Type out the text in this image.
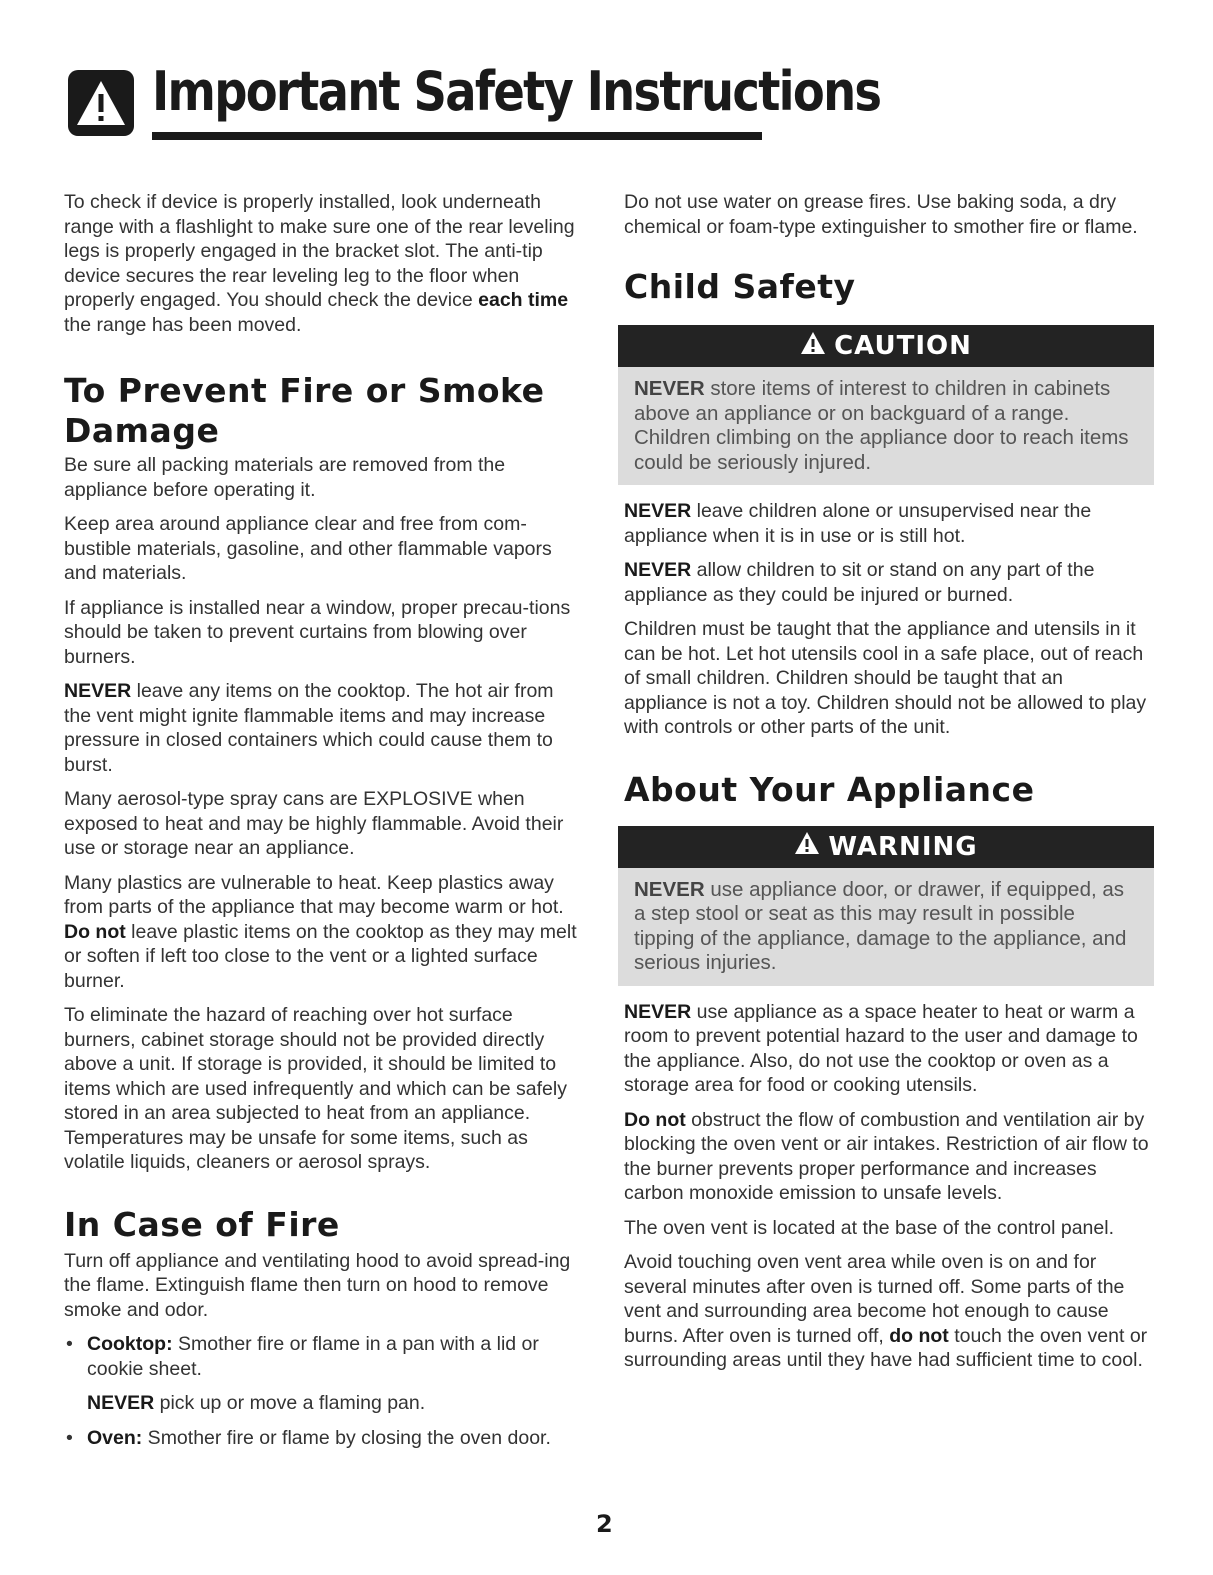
Important Safety Instructions

To check if device is properly installed, look underneath range with a flashlight to make sure one of the rear leveling legs is properly engaged in the bracket slot. The anti-tip device secures the rear leveling leg to the floor when properly engaged. You should check the device each time the range has been moved.

To Prevent Fire or Smoke Damage

Be sure all packing materials are removed from the appliance before operating it.

Keep area around appliance clear and free from com-bustible materials, gasoline, and other flammable vapors and materials.

If appliance is installed near a window, proper precau-tions should be taken to prevent curtains from blowing over burners.

NEVER leave any items on the cooktop. The hot air from the vent might ignite flammable items and may increase pressure in closed containers which could cause them to burst.

Many aerosol-type spray cans are EXPLOSIVE when exposed to heat and may be highly flammable. Avoid their use or storage near an appliance.

Many plastics are vulnerable to heat. Keep plastics away from parts of the appliance that may become warm or hot. Do not leave plastic items on the cooktop as they may melt or soften if left too close to the vent or a lighted surface burner.

To eliminate the hazard of reaching over hot surface burners, cabinet storage should not be provided directly above a unit. If storage is provided, it should be limited to items which are used infrequently and which can be safely stored in an area subjected to heat from an appliance. Temperatures may be unsafe for some items, such as volatile liquids, cleaners or aerosol sprays.

In Case of Fire

Turn off appliance and ventilating hood to avoid spread-ing the flame. Extinguish flame then turn on hood to remove smoke and odor.

• Cooktop: Smother fire or flame in a pan with a lid or cookie sheet.

NEVER pick up or move a flaming pan.

• Oven: Smother fire or flame by closing the oven door.

Do not use water on grease fires. Use baking soda, a dry chemical or foam-type extinguisher to smother fire or flame.

Child Safety
CAUTION
NEVER store items of interest to children in cabinets above an appliance or on backguard of a range. Children climbing on the appliance door to reach items could be seriously injured.

NEVER leave children alone or unsupervised near the appliance when it is in use or is still hot.

NEVER allow children to sit or stand on any part of the appliance as they could be injured or burned.

Children must be taught that the appliance and utensils in it can be hot. Let hot utensils cool in a safe place, out of reach of small children. Children should be taught that an appliance is not a toy. Children should not be allowed to play with controls or other parts of the unit.

About Your Appliance
WARNING
NEVER use appliance door, or drawer, if equipped, as a step stool or seat as this may result in possible tipping of the appliance, damage to the appliance, and serious injuries.

NEVER use appliance as a space heater to heat or warm a room to prevent potential hazard to the user and damage to the appliance. Also, do not use the cooktop or oven as a storage area for food or cooking utensils.

Do not obstruct the flow of combustion and ventilation air by blocking the oven vent or air intakes. Restriction of air flow to the burner prevents proper performance and increases carbon monoxide emission to unsafe levels.

The oven vent is located at the base of the control panel.

Avoid touching oven vent area while oven is on and for several minutes after oven is turned off. Some parts of the vent and surrounding area become hot enough to cause burns. After oven is turned off, do not touch the oven vent or surrounding areas until they have had sufficient time to cool.

2
